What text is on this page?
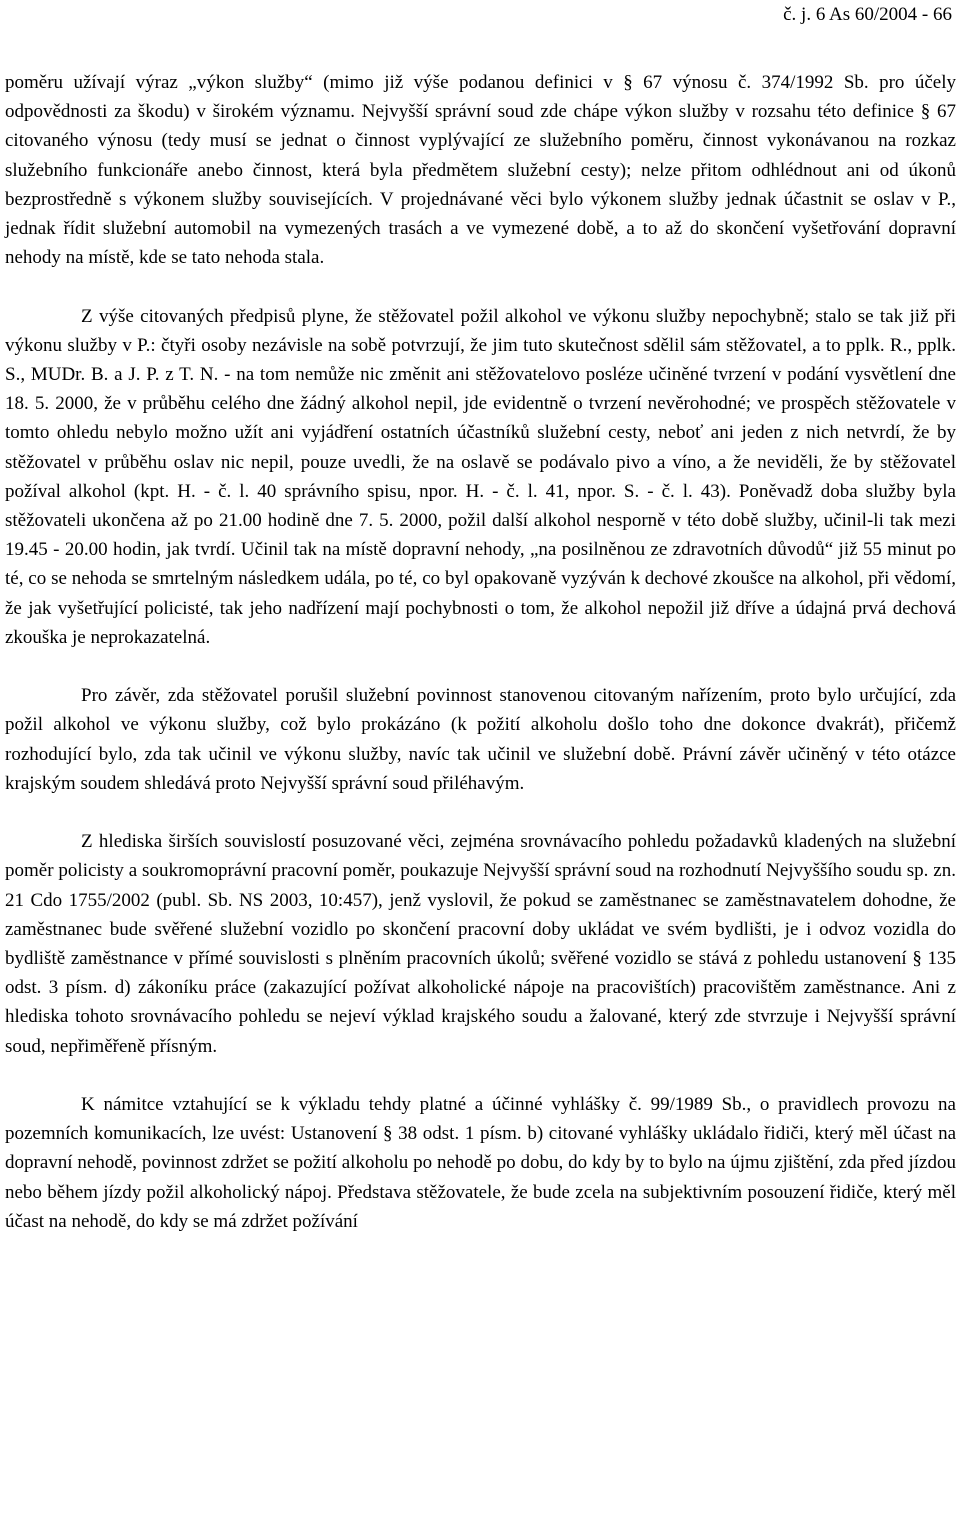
č. j. 6 As 60/2004 - 66

poměru užívají výraz „výkon služby“ (mimo již výše podanou definici v § 67 výnosu č. 374/1992 Sb. pro účely odpovědnosti za škodu) v širokém významu. Nejvyšší správní soud zde chápe výkon služby v rozsahu této definice § 67 citovaného výnosu (tedy musí se jednat o činnost vyplývající ze služebního poměru, činnost vykonávanou na rozkaz služebního funkcionáře anebo činnost, která byla předmětem služební cesty); nelze přitom odhlédnout ani od úkonů bezprostředně s výkonem služby souvisejících. V projednávané věci bylo výkonem služby jednak účastnit se oslav v P., jednak řídit služební automobil na vymezených trasách a ve vymezené době, a to až do skončení vyšetřování dopravní nehody na místě, kde se tato nehoda stala.

Z výše citovaných předpisů plyne, že stěžovatel požil alkohol ve výkonu služby nepochybně; stalo se tak již při výkonu služby v P.: čtyři osoby nezávisle na sobě potvrzují, že jim tuto skutečnost sdělil sám stěžovatel, a to pplk. R., pplk. S., MUDr. B. a J. P. z T. N. - na tom nemůže nic změnit ani stěžovatelovo posléze učiněné tvrzení v podání vysvětlení dne 18. 5. 2000, že v průběhu celého dne žádný alkohol nepil, jde evidentně o tvrzení nevěrohodné; ve prospěch stěžovatele v tomto ohledu nebylo možno užít ani vyjádření ostatních účastníků služební cesty, neboť ani jeden z nich netvrdí, že by stěžovatel v průběhu oslav nic nepil, pouze uvedli, že na oslavě se podávalo pivo a víno, a že neviděli, že by stěžovatel požíval alkohol (kpt. H. - č. l. 40 správního spisu, npor. H. - č. l. 41, npor. S. - č. l. 43). Poněvadž doba služby byla stěžovateli ukončena až po 21.00 hodině dne 7. 5. 2000, požil další alkohol nesporně v této době služby, učinil-li tak mezi 19.45 - 20.00 hodin, jak tvrdí. Učinil tak na místě dopravní nehody, „na posilněnou ze zdravotních důvodů“ již 55 minut po té, co se nehoda se smrtelným následkem udála, po té, co byl opakovaně vyzýván k dechové zkoušce na alkohol, při vědomí, že jak vyšetřující policisté, tak jeho nadřízení mají pochybnosti o tom, že alkohol nepožil již dříve a údajná prvá dechová zkouška je neprokazatelná.

Pro závěr, zda stěžovatel porušil služební povinnost stanovenou citovaným nařízením, proto bylo určující, zda požil alkohol ve výkonu služby, což bylo prokázáno (k požití alkoholu došlo toho dne dokonce dvakrát), přičemž rozhodující bylo, zda tak učinil ve výkonu služby, navíc tak učinil ve služební době. Právní závěr učiněný v této otázce krajským soudem shledává proto Nejvyšší správní soud přiléhavým.

Z hlediska širších souvislostí posuzované věci, zejména srovnávacího pohledu požadavků kladených na služební poměr policisty a soukromoprávní pracovní poměr, poukazuje Nejvyšší správní soud na rozhodnutí Nejvyššího soudu sp. zn. 21 Cdo 1755/2002 (publ. Sb. NS 2003, 10:457), jenž vyslovil, že pokud se zaměstnanec se zaměstnavatelem dohodne, že zaměstnanec bude svěřené služební vozidlo po skončení pracovní doby ukládat ve svém bydlišti, je i odvoz vozidla do bydliště zaměstnance v přímé souvislosti s plněním pracovních úkolů; svěřené vozidlo se stává z pohledu ustanovení § 135 odst. 3 písm. d) zákoníku práce (zakazující požívat alkoholické nápoje na pracovištích) pracovištěm zaměstnance. Ani z hlediska tohoto srovnávacího pohledu se nejeví výklad krajského soudu a žalované, který zde stvrzuje i Nejvyšší správní soud, nepřiměřeně přísným.

K námitce vztahující se k výkladu tehdy platné a účinné vyhlášky č. 99/1989 Sb., o pravidlech provozu na pozemních komunikacích, lze uvést: Ustanovení § 38 odst. 1 písm. b) citované vyhlášky ukládalo řidiči, který měl účast na dopravní nehodě, povinnost zdržet se požití alkoholu po nehodě po dobu, do kdy by to bylo na újmu zjištění, zda před jízdou nebo během jízdy požil alkoholický nápoj. Představa stěžovatele, že bude zcela na subjektivním posouzení řidiče, který měl účast na nehodě, do kdy se má zdržet požívání
